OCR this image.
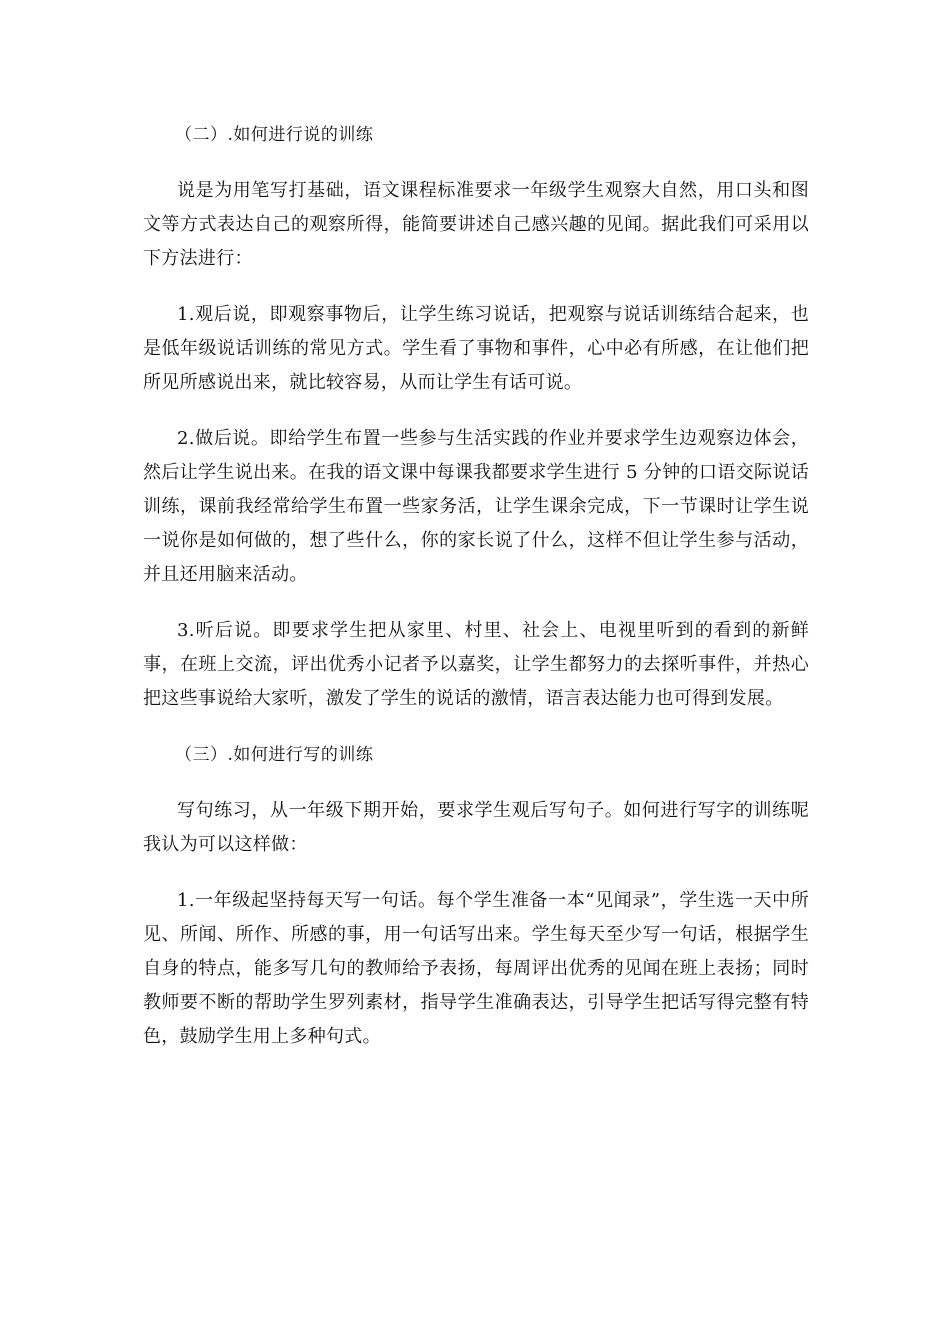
（二）.如何进行说的训练

说是为用笔写打基础，语文课程标准要求一年级学生观察大自然，用口头和图文等方式表达自己的观察所得，能简要讲述自己感兴趣的见闻。据此我们可采用以下方法进行：

1.观后说，即观察事物后，让学生练习说话，把观察与说话训练结合起来，也是低年级说话训练的常见方式。学生看了事物和事件，心中必有所感，在让他们把所见所感说出来，就比较容易，从而让学生有话可说。

2.做后说。即给学生布置一些参与生活实践的作业并要求学生边观察边体会，然后让学生说出来。在我的语文课中每课我都要求学生进行 5 分钟的口语交际说话训练，课前我经常给学生布置一些家务活，让学生课余完成，下一节课时让学生说一说你是如何做的，想了些什么，你的家长说了什么，这样不但让学生参与活动，并且还用脑来活动。

3.听后说。即要求学生把从家里、村里、社会上、电视里听到的看到的新鲜事，在班上交流，评出优秀小记者予以嘉奖，让学生都努力的去探听事件，并热心把这些事说给大家听，激发了学生的说话的激情，语言表达能力也可得到发展。

（三）.如何进行写的训练

写句练习，从一年级下期开始，要求学生观后写句子。如何进行写字的训练呢我认为可以这样做：

1.一年级起坚持每天写一句话。每个学生准备一本“见闻录”，学生选一天中所见、所闻、所作、所感的事，用一句话写出来。学生每天至少写一句话，根据学生自身的特点，能多写几句的教师给予表扬，每周评出优秀的见闻在班上表扬；同时教师要不断的帮助学生罗列素材，指导学生准确表达，引导学生把话写得完整有特色，鼓励学生用上多种句式。
